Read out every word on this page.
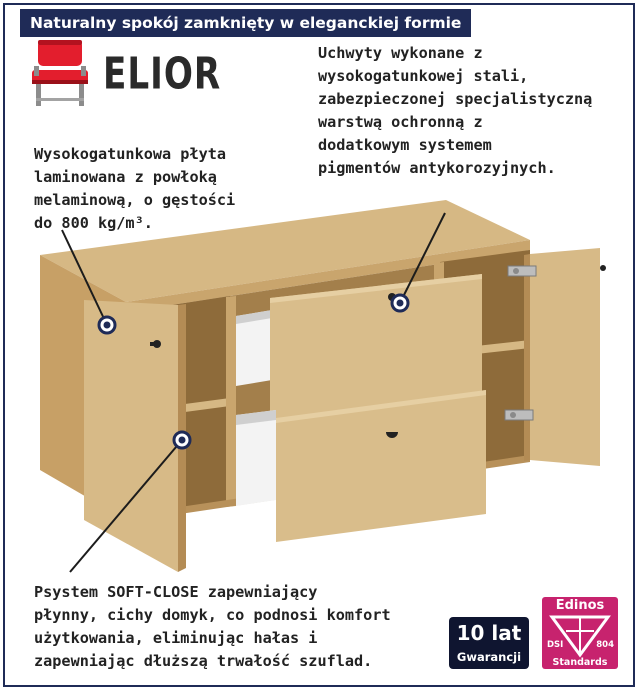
Naturalny spokój zamknięty w eleganckiej formie
ELIOR	Uchwyty wykonane z
wysokogatunkowej stali,
zabezpieczonej specjalistyczną
warstwą ochronną z
dodatkowym systemem
pigmentów antykorozyjnych.
Wysokogatunkowa płyta
laminowana z powłoką
melaminową, o gęstości
do 800 kg/m³.
Psystem SOFT-CLOSE zapewniający
płynny, cichy domyk, co podnosi komfort
użytkowania, eliminując hałas i
zapewniając dłuższą trwałość szuflad.
10 lat
Gwarancji
Edinos
DSI	804
Standards
